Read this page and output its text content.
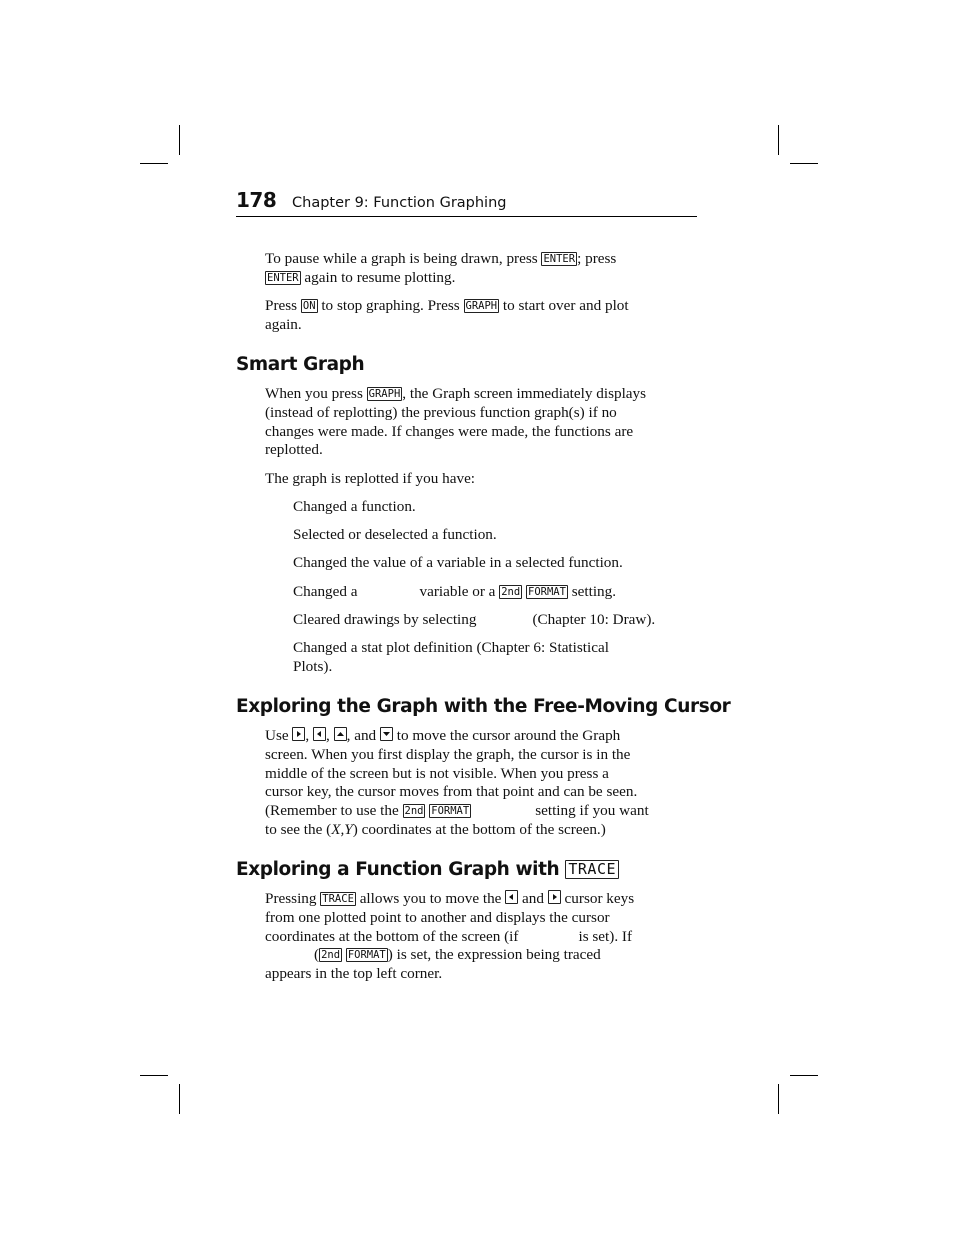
178 Chapter 9: Function Graphing
To pause while a graph is being drawn, press ENTER ; press
ENTER again to resume plotting.
Press ON to stop graphing. Press GRAPH to start over and plot
again.
Smart Graph
When you press GRAPH , the Graph screen immediately displays
(instead of replotting) the previous function graph(s) if no
changes were made. If changes were made, the functions are
replotted.
The graph is replotted if you have:
Changed a function.
Selected or deselected a function.
Changed the value of a variable in a selected function.
Changed a	variable or a 2nd FORMAT setting.
Cleared drawings by selecting	(Chapter 10: Draw).
Changed a stat plot definition (Chapter 6: Statistical
Plots).
Exploring the Graph with the Free-Moving Cursor
Use
,
,
, and
to move the cursor around the Graph
screen. When you first display the graph, the cursor is in the
middle of the screen but is not visible. When you press a
cursor key, the cursor moves from that point and can be seen.
(Remember to use the 2nd FORMAT	setting if you want
to see the (X,Y) coordinates at the bottom of the screen.)
Exploring a Function Graph with TRACE
Pressing TRACE allows you to move the
and
cursor keys
from one plotted point to another and displays the cursor
coordinates at the bottom of the screen (if	is set). If
( 2nd FORMAT ) is set, the expression being traced
appears in the top left corner.
